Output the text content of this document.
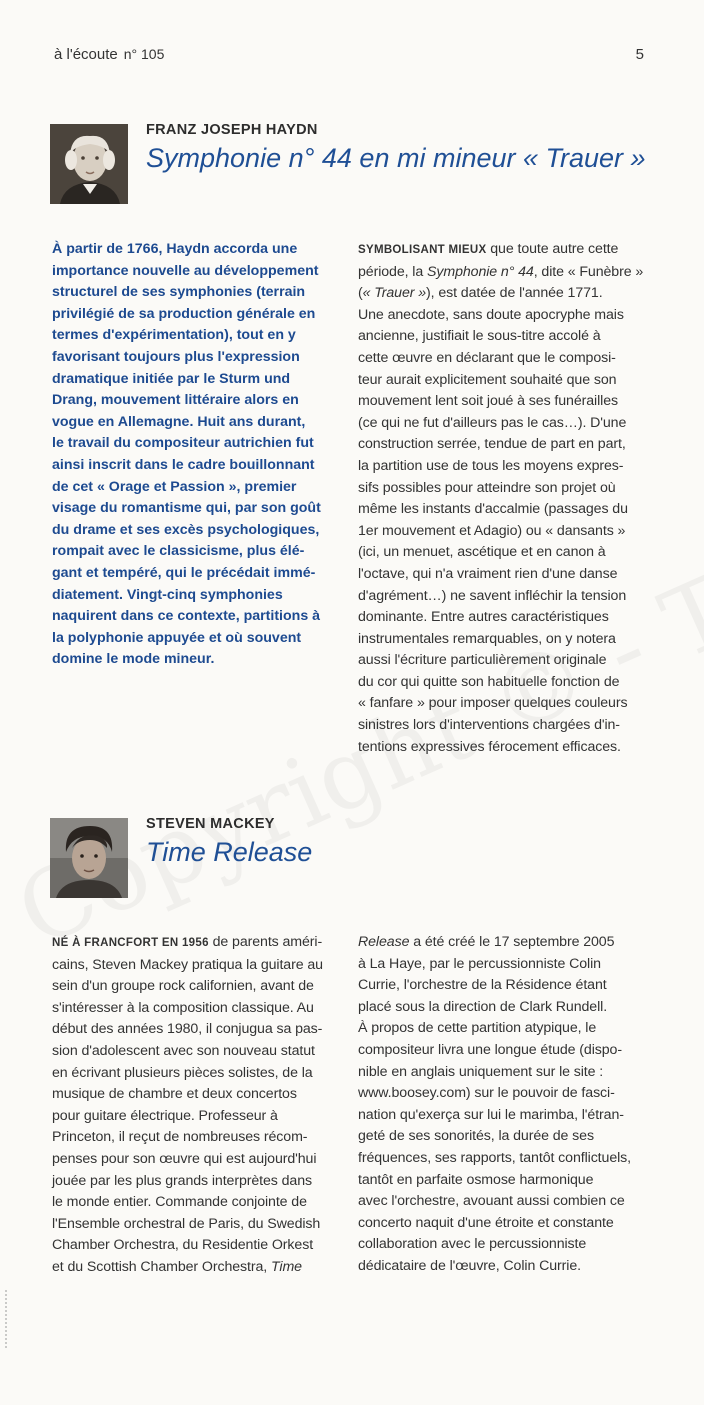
à l'écoute n° 105	5
FRANZ JOSEPH HAYDN
Symphonie n° 44 en mi mineur « Trauer »

À partir de 1766, Haydn accorda une

importance nouvelle au développement

structurel de ses symphonies (terrain

privilégié de sa production générale en

termes d'expérimentation), tout en y

favorisant toujours plus l'expression

dramatique initiée par le Sturm und

Drang, mouvement littéraire alors en

vogue en Allemagne. Huit ans durant,

le travail du compositeur autrichien fut

ainsi inscrit dans le cadre bouillonnant

de cet « Orage et Passion », premier

visage du romantisme qui, par son goût

du drame et ses excès psychologiques,

rompait avec le classicisme, plus élé-

gant et tempéré, qui le précédait immé-

diatement. Vingt-cinq symphonies

naquirent dans ce contexte, partitions à

la polyphonie appuyée et où souvent

domine le mode mineur.

SYMBOLISANT MIEUX que toute autre cette

période, la Symphonie n° 44, dite « Funèbre »

(« Trauer »), est datée de l'année 1771.

Une anecdote, sans doute apocryphe mais

ancienne, justifiait le sous-titre accolé à

cette œuvre en déclarant que le composi-

teur aurait explicitement souhaité que son

mouvement lent soit joué à ses funérailles

(ce qui ne fut d'ailleurs pas le cas…). D'une

construction serrée, tendue de part en part,

la partition use de tous les moyens expres-

sifs possibles pour atteindre son projet où

même les instants d'accalmie (passages du

1er mouvement et Adagio) ou « dansants »

(ici, un menuet, ascétique et en canon à

l'octave, qui n'a vraiment rien d'une danse

d'agrément…) ne savent infléchir la tension

dominante. Entre autres caractéristiques

instrumentales remarquables, on y notera

aussi l'écriture particulièrement originale

du cor qui quitte son habituelle fonction de

« fanfare » pour imposer quelques couleurs

sinistres lors d'interventions chargées d'in-

tentions expressives férocement efficaces.

STEVEN MACKEY
Time Release

NÉ À FRANCFORT EN 1956 de parents améri-

cains, Steven Mackey pratiqua la guitare au

sein d'un groupe rock californien, avant de

s'intéresser à la composition classique. Au

début des années 1980, il conjugua sa pas-

sion d'adolescent avec son nouveau statut

en écrivant plusieurs pièces solistes, de la

musique de chambre et deux concertos

pour guitare électrique. Professeur à

Princeton, il reçut de nombreuses récom-

penses pour son œuvre qui est aujourd'hui

jouée par les plus grands interprètes dans

le monde entier. Commande conjointe de

l'Ensemble orchestral de Paris, du Swedish

Chamber Orchestra, du Residentie Orkest

et du Scottish Chamber Orchestra, Time

Release a été créé le 17 septembre 2005

à La Haye, par le percussionniste Colin

Currie, l'orchestre de la Résidence étant

placé sous la direction de Clark Rundell.

À propos de cette partition atypique, le

compositeur livra une longue étude (dispo-

nible en anglais uniquement sur le site :

www.boosey.com) sur le pouvoir de fasci-

nation qu'exerça sur lui le marimba, l'étran-

geté de ses sonorités, la durée de ses

fréquences, ses rapports, tantôt conflictuels,

tantôt en parfaite osmose harmonique

avec l'orchestre, avouant aussi combien ce

concerto naquit d'une étroite et constante

collaboration avec le percussionniste

dédicataire de l'œuvre, Colin Currie.
